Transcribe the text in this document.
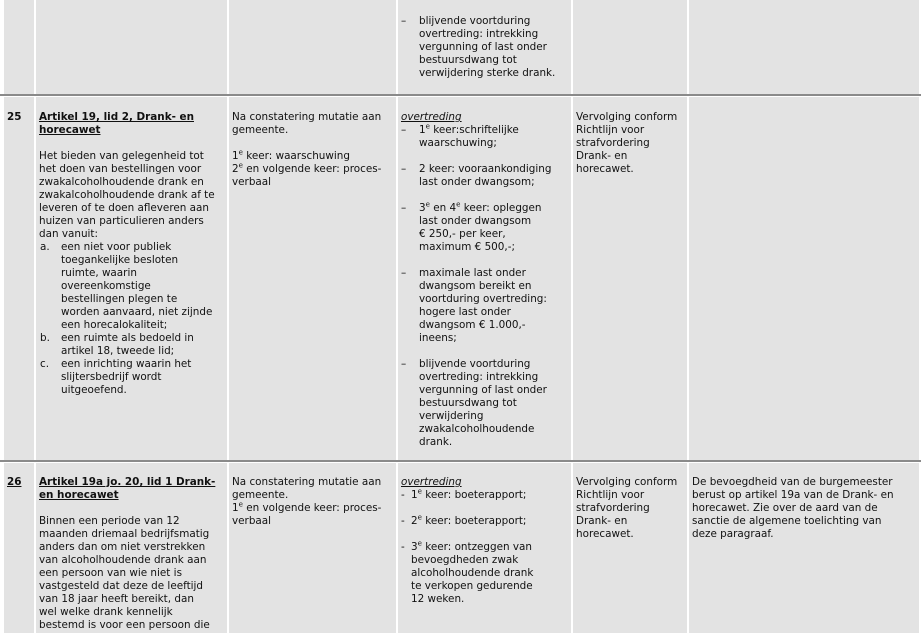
– blijvende voortduring

overtreding: intrekking

vergunning of last onder

bestuursdwang tot

verwijdering sterke drank.

25	Artikel 19, lid 2, Drank- en
horecawet

Het bieden van gelegenheid tot

het doen van bestellingen voor

zwakalcoholhoudende drank en

zwakalcoholhoudende drank af te

leveren of te doen afleveren aan

huizen van particulieren anders

dan vanuit:

a. een niet voor publiek

toegankelijke besloten

ruimte, waarin

overeenkomstige

bestellingen plegen te

worden aanvaard, niet zijnde

een horecalokaliteit;

b. een ruimte als bedoeld in

artikel 18, tweede lid;

c. een inrichting waarin het

slijtersbedrijf wordt

uitgeoefend.

Na constatering mutatie aan

gemeente.

1e keer: waarschuwing

2e en volgende keer: proces-

verbaal

overtreding

– 1e keer:schriftelijke

waarschuwing;

– 2 keer: vooraankondiging

last onder dwangsom;

– 3e en 4e keer: opleggen

last onder dwangsom

€ 250,- per keer,

maximum € 500,-;

– maximale last onder

dwangsom bereikt en

voortduring overtreding:

hogere last onder

dwangsom € 1.000,-

ineens;

– blijvende voortduring

overtreding: intrekking

vergunning of last onder

bestuursdwang tot

verwijdering

zwakalcoholhoudende

drank.

Vervolging conform

Richtlijn voor

strafvordering

Drank- en

horecawet.

26	Artikel 19a jo. 20, lid 1 Drank-
en horecawet

Binnen een periode van 12

maanden driemaal bedrijfsmatig

anders dan om niet verstrekken

van alcoholhoudende drank aan

een persoon van wie niet is

vastgesteld dat deze de leeftijd

van 18 jaar heeft bereikt, dan

wel welke drank kennelijk

bestemd is voor een persoon die

Na constatering mutatie aan

gemeente.

1e en volgende keer: proces-

verbaal

overtreding

- 1e keer: boeterapport;

- 2e keer: boeterapport;

- 3e keer: ontzeggen van

bevoegdheden zwak

alcoholhoudende drank

te verkopen gedurende

12 weken.

Vervolging conform

Richtlijn voor

strafvordering

Drank- en

horecawet.

De bevoegdheid van de burgemeester

berust op artikel 19a van de Drank- en

horecawet. Zie over de aard van de

sanctie de algemene toelichting van

deze paragraaf.
